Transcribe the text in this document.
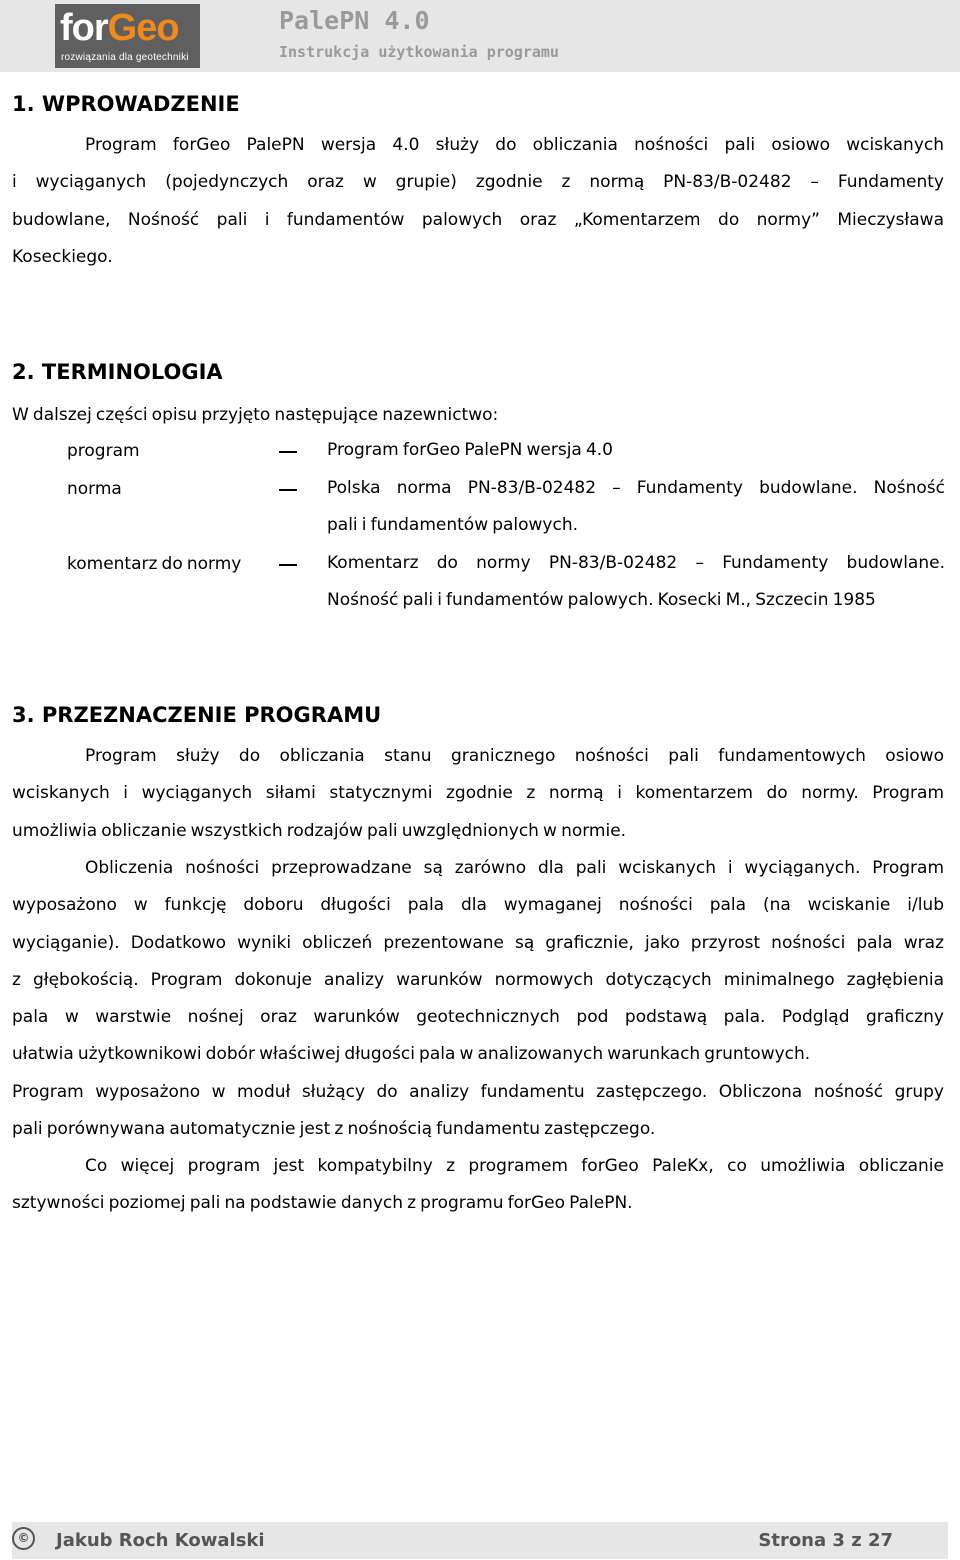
forGeo
rozwiązania dla geotechniki
PalePN 4.0
Instrukcja użytkowania programu
1. WPROWADZENIE
Program forGeo PalePN wersja 4.0 służy do obliczania nośności pali osiowo wciskanych
i wyciąganych (pojedynczych oraz w grupie) zgodnie z normą PN-83/B-02482 – Fundamenty
budowlane, Nośność pali i fundamentów palowych oraz „Komentarzem do normy” Mieczysława
Koseckiego.
2. TERMINOLOGIA

W dalszej części opisu przyjęto następujące nazewnictwo:

program	Program forGeo PalePN wersja 4.0
norma	Polska norma PN-83/B-02482 – Fundamenty budowlane. Nośność
pali i fundamentów palowych.
komentarz do normy	Komentarz do normy PN-83/B-02482 – Fundamenty budowlane.
Nośność pali i fundamentów palowych. Kosecki M., Szczecin 1985
3. PRZEZNACZENIE PROGRAMU
Program służy do obliczania stanu granicznego nośności pali fundamentowych osiowo
wciskanych i wyciąganych siłami statycznymi zgodnie z normą i komentarzem do normy. Program
umożliwia obliczanie wszystkich rodzajów pali uwzględnionych w normie.
Obliczenia nośności przeprowadzane są zarówno dla pali wciskanych i wyciąganych. Program
wyposażono w funkcję doboru długości pala dla wymaganej nośności pala (na wciskanie i/lub
wyciąganie). Dodatkowo wyniki obliczeń prezentowane są graficznie, jako przyrost nośności pala wraz
z głębokością. Program dokonuje analizy warunków normowych dotyczących minimalnego zagłębienia
pala w warstwie nośnej oraz warunków geotechnicznych pod podstawą pala. Podgląd graficzny
ułatwia użytkownikowi dobór właściwej długości pala w analizowanych warunkach gruntowych.
Program wyposażono w moduł służący do analizy fundamentu zastępczego. Obliczona nośność grupy
pali porównywana automatycznie jest z nośnością fundamentu zastępczego.
Co więcej program jest kompatybilny z programem forGeo PaleKx, co umożliwia obliczanie
sztywności poziomej pali na podstawie danych z programu forGeo PalePN.
©	Jakub Roch Kowalski	Strona 3 z 27
